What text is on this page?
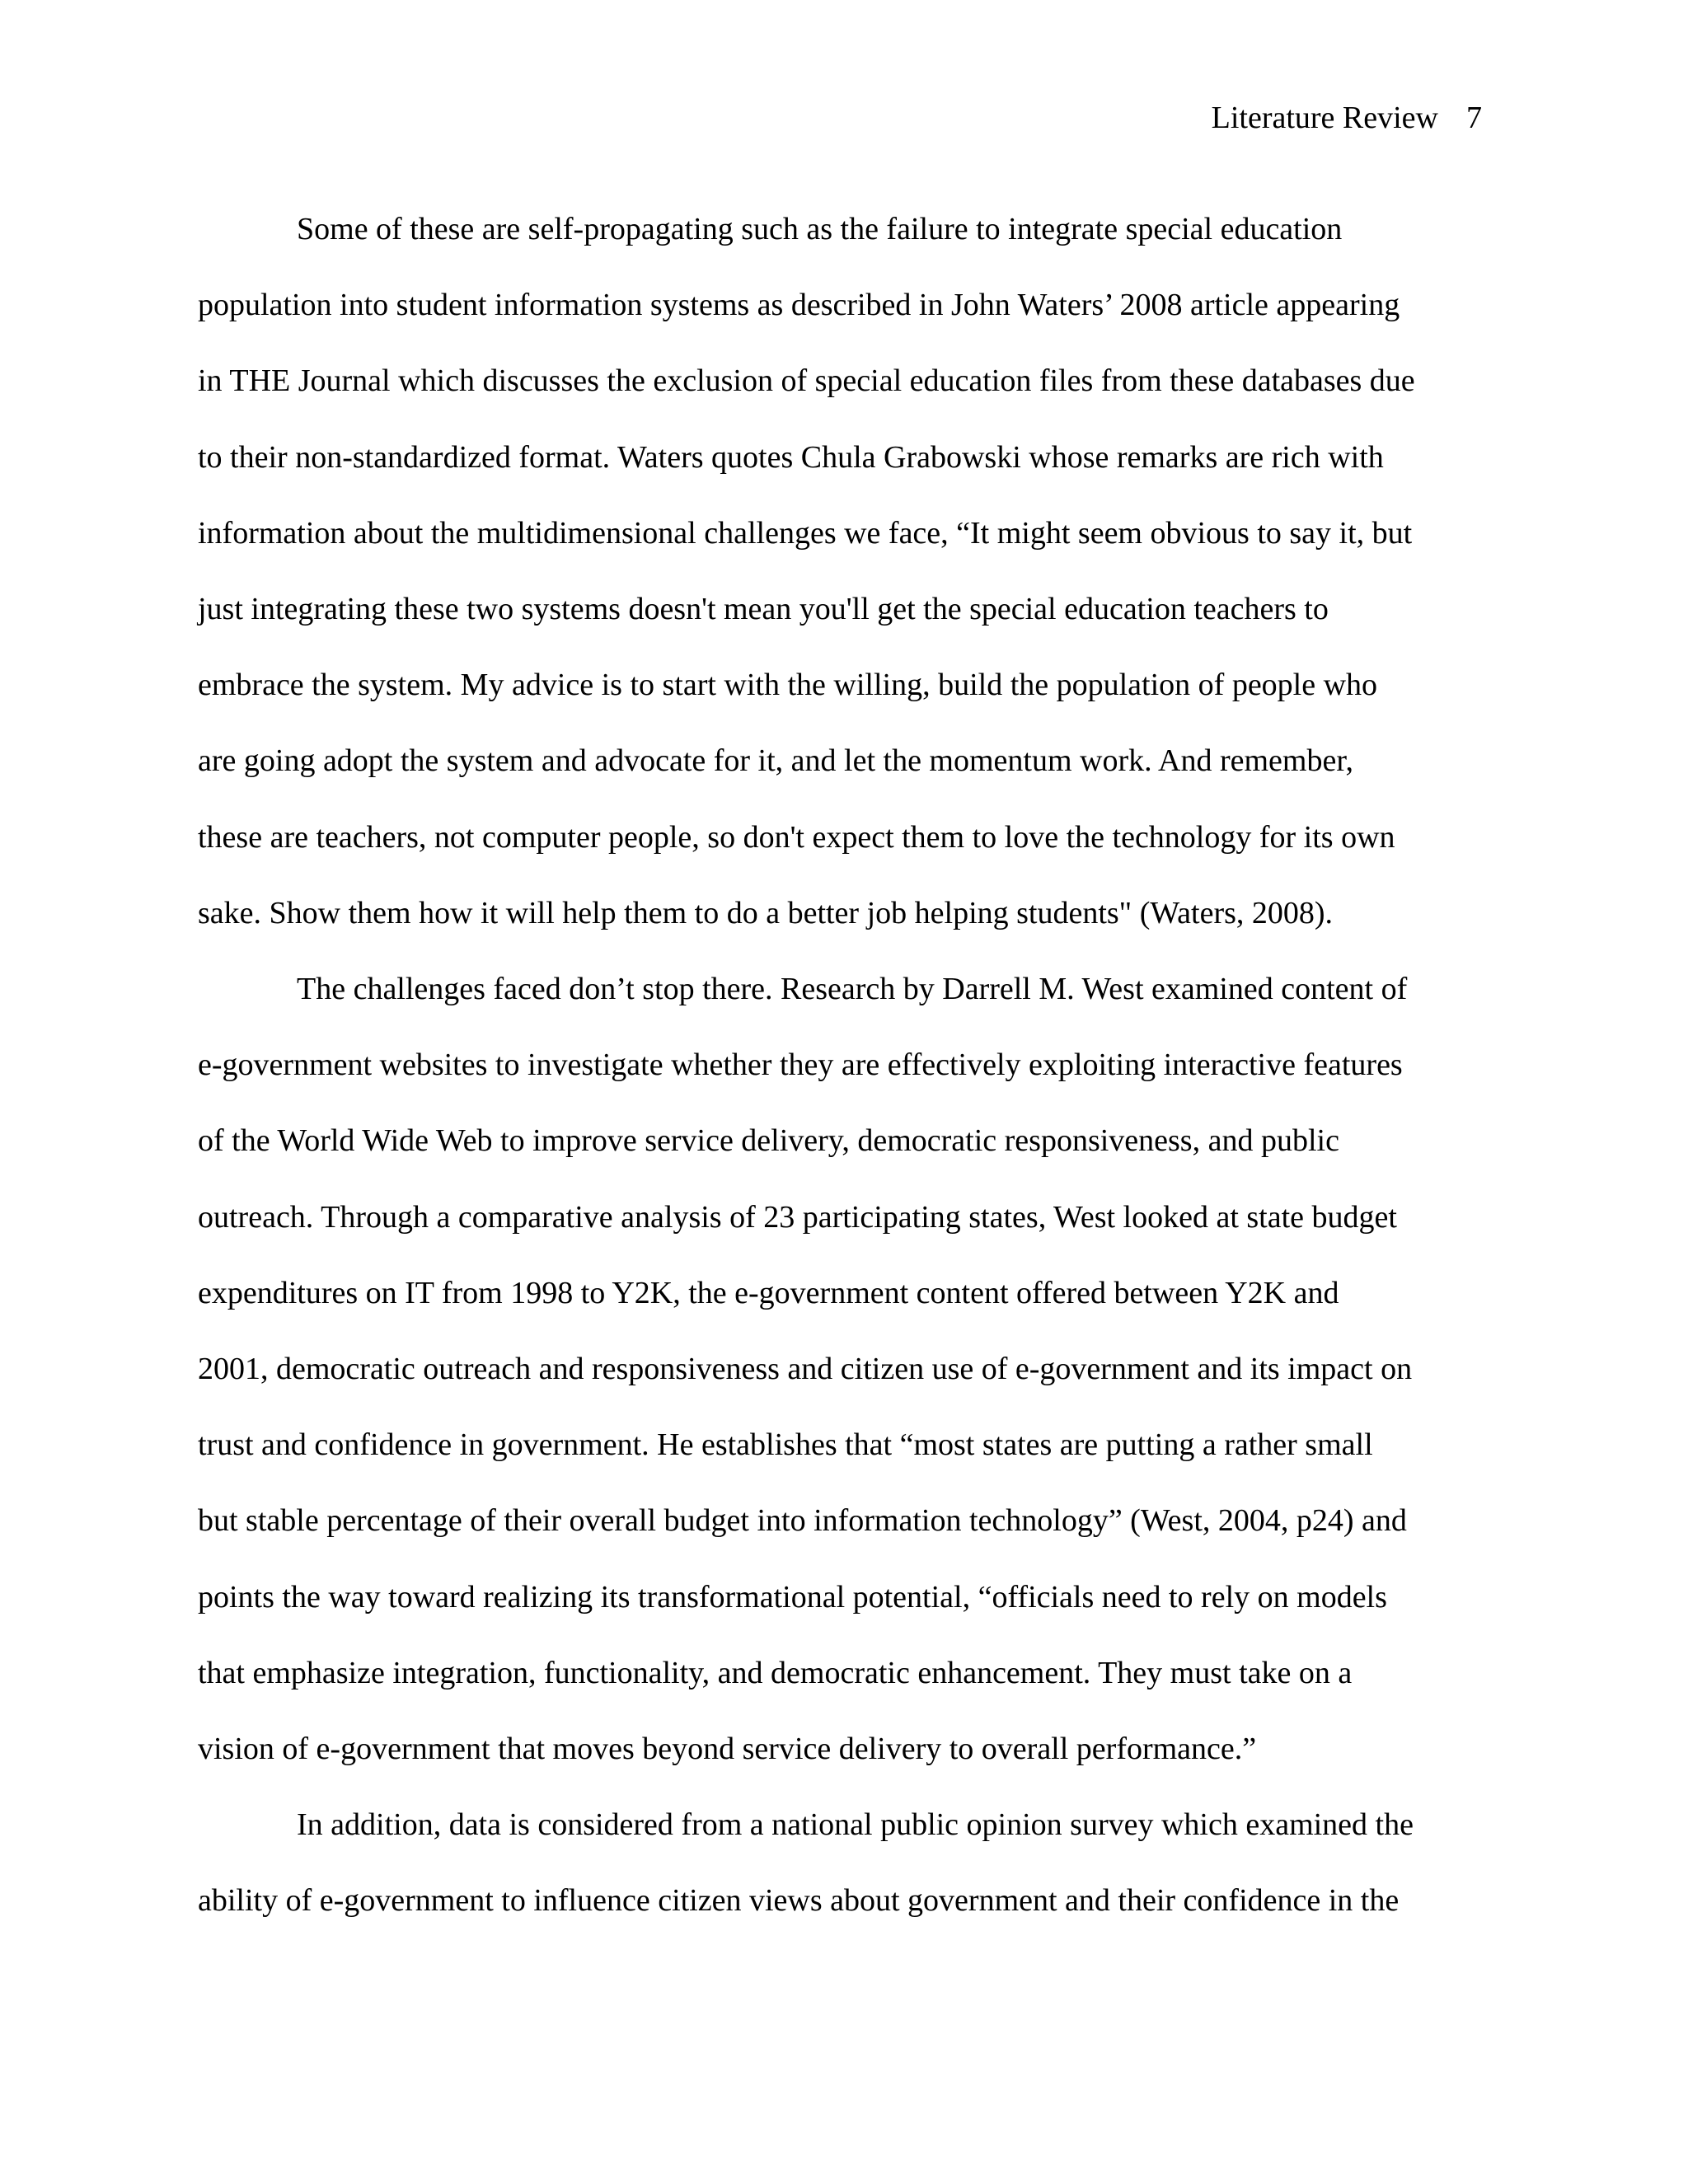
Literature Review 7
Some of these are self-propagating such as the failure to integrate special education
population into student information systems as described in John Waters’ 2008 article appearing
in THE Journal which discusses the exclusion of special education files from these databases due
to their non-standardized format. Waters quotes Chula Grabowski whose remarks are rich with
information about the multidimensional challenges we face, “It might seem obvious to say it, but
just integrating these two systems doesn't mean you'll get the special education teachers to
embrace the system. My advice is to start with the willing, build the population of people who
are going adopt the system and advocate for it, and let the momentum work. And remember,
these are teachers, not computer people, so don't expect them to love the technology for its own
sake. Show them how it will help them to do a better job helping students" (Waters, 2008).
The challenges faced don’t stop there. Research by Darrell M. West examined content of
e-government websites to investigate whether they are effectively exploiting interactive features
of the World Wide Web to improve service delivery, democratic responsiveness, and public
outreach. Through a comparative analysis of 23 participating states, West looked at state budget
expenditures on IT from 1998 to Y2K, the e-government content offered between Y2K and
2001, democratic outreach and responsiveness and citizen use of e-government and its impact on
trust and confidence in government. He establishes that “most states are putting a rather small
but stable percentage of their overall budget into information technology” (West, 2004, p24) and
points the way toward realizing its transformational potential, “officials need to rely on models
that emphasize integration, functionality, and democratic enhancement. They must take on a
vision of e-government that moves beyond service delivery to overall performance.”
In addition, data is considered from a national public opinion survey which examined the
ability of e-government to influence citizen views about government and their confidence in the
